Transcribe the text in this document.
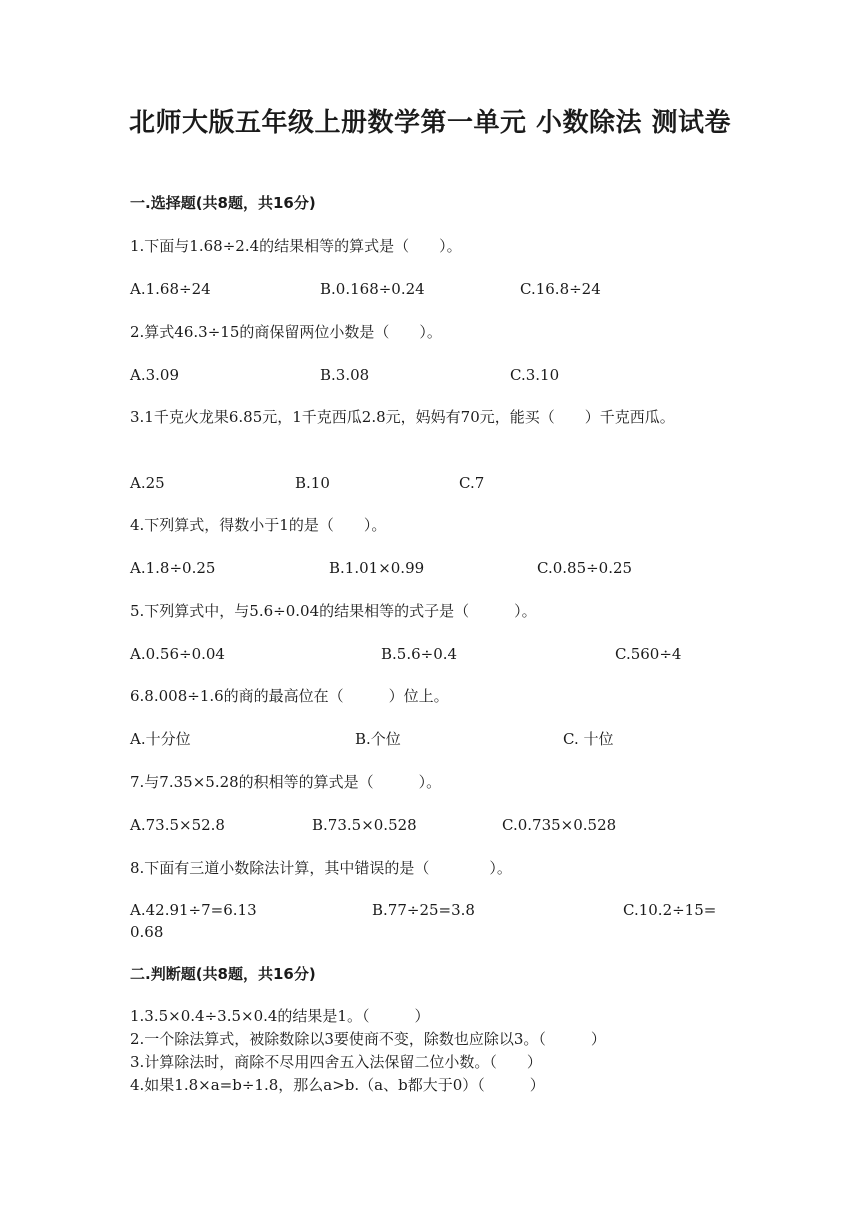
北师大版五年级上册数学第一单元 小数除法 测试卷
一.选择题(共8题，共16分)
1.下面与1.68÷2.4的结果相等的算式是（　　）。
A.1.68÷24	B.0.168÷0.24	C.16.8÷24
2.算式46.3÷15的商保留两位小数是（　　）。
A.3.09	B.3.08	C.3.10
3.1千克火龙果6.85元，1千克西瓜2.8元，妈妈有70元，能买（　　）千克西瓜。
A.25	B.10	C.7
4.下列算式，得数小于1的是（　　）。
A.1.8÷0.25	B.1.01×0.99	C.0.85÷0.25
5.下列算式中，与5.6÷0.04的结果相等的式子是（　　　）。
A.0.56÷0.04	B.5.6÷0.4	C.560÷4
6.8.008÷1.6的商的最高位在（　　　）位上。
A.十分位	B.个位	C. 十位
7.与7.35×5.28的积相等的算式是（　　　）。
A.73.5×52.8	B.73.5×0.528	C.0.735×0.528
8.下面有三道小数除法计算，其中错误的是（　　　　）。
A.42.91÷7=6.13	B.77÷25=3.8	C.10.2÷15=
0.68
二.判断题(共8题，共16分)
1.3.5×0.4÷3.5×0.4的结果是1。（　　　）
2.一个除法算式，被除数除以3要使商不变，除数也应除以3。（　　　）
3.计算除法时，商除不尽用四舍五入法保留二位小数。（　　）
4.如果1.8×a=b÷1.8，那么a>b.（a、b都大于0）（　　　）
